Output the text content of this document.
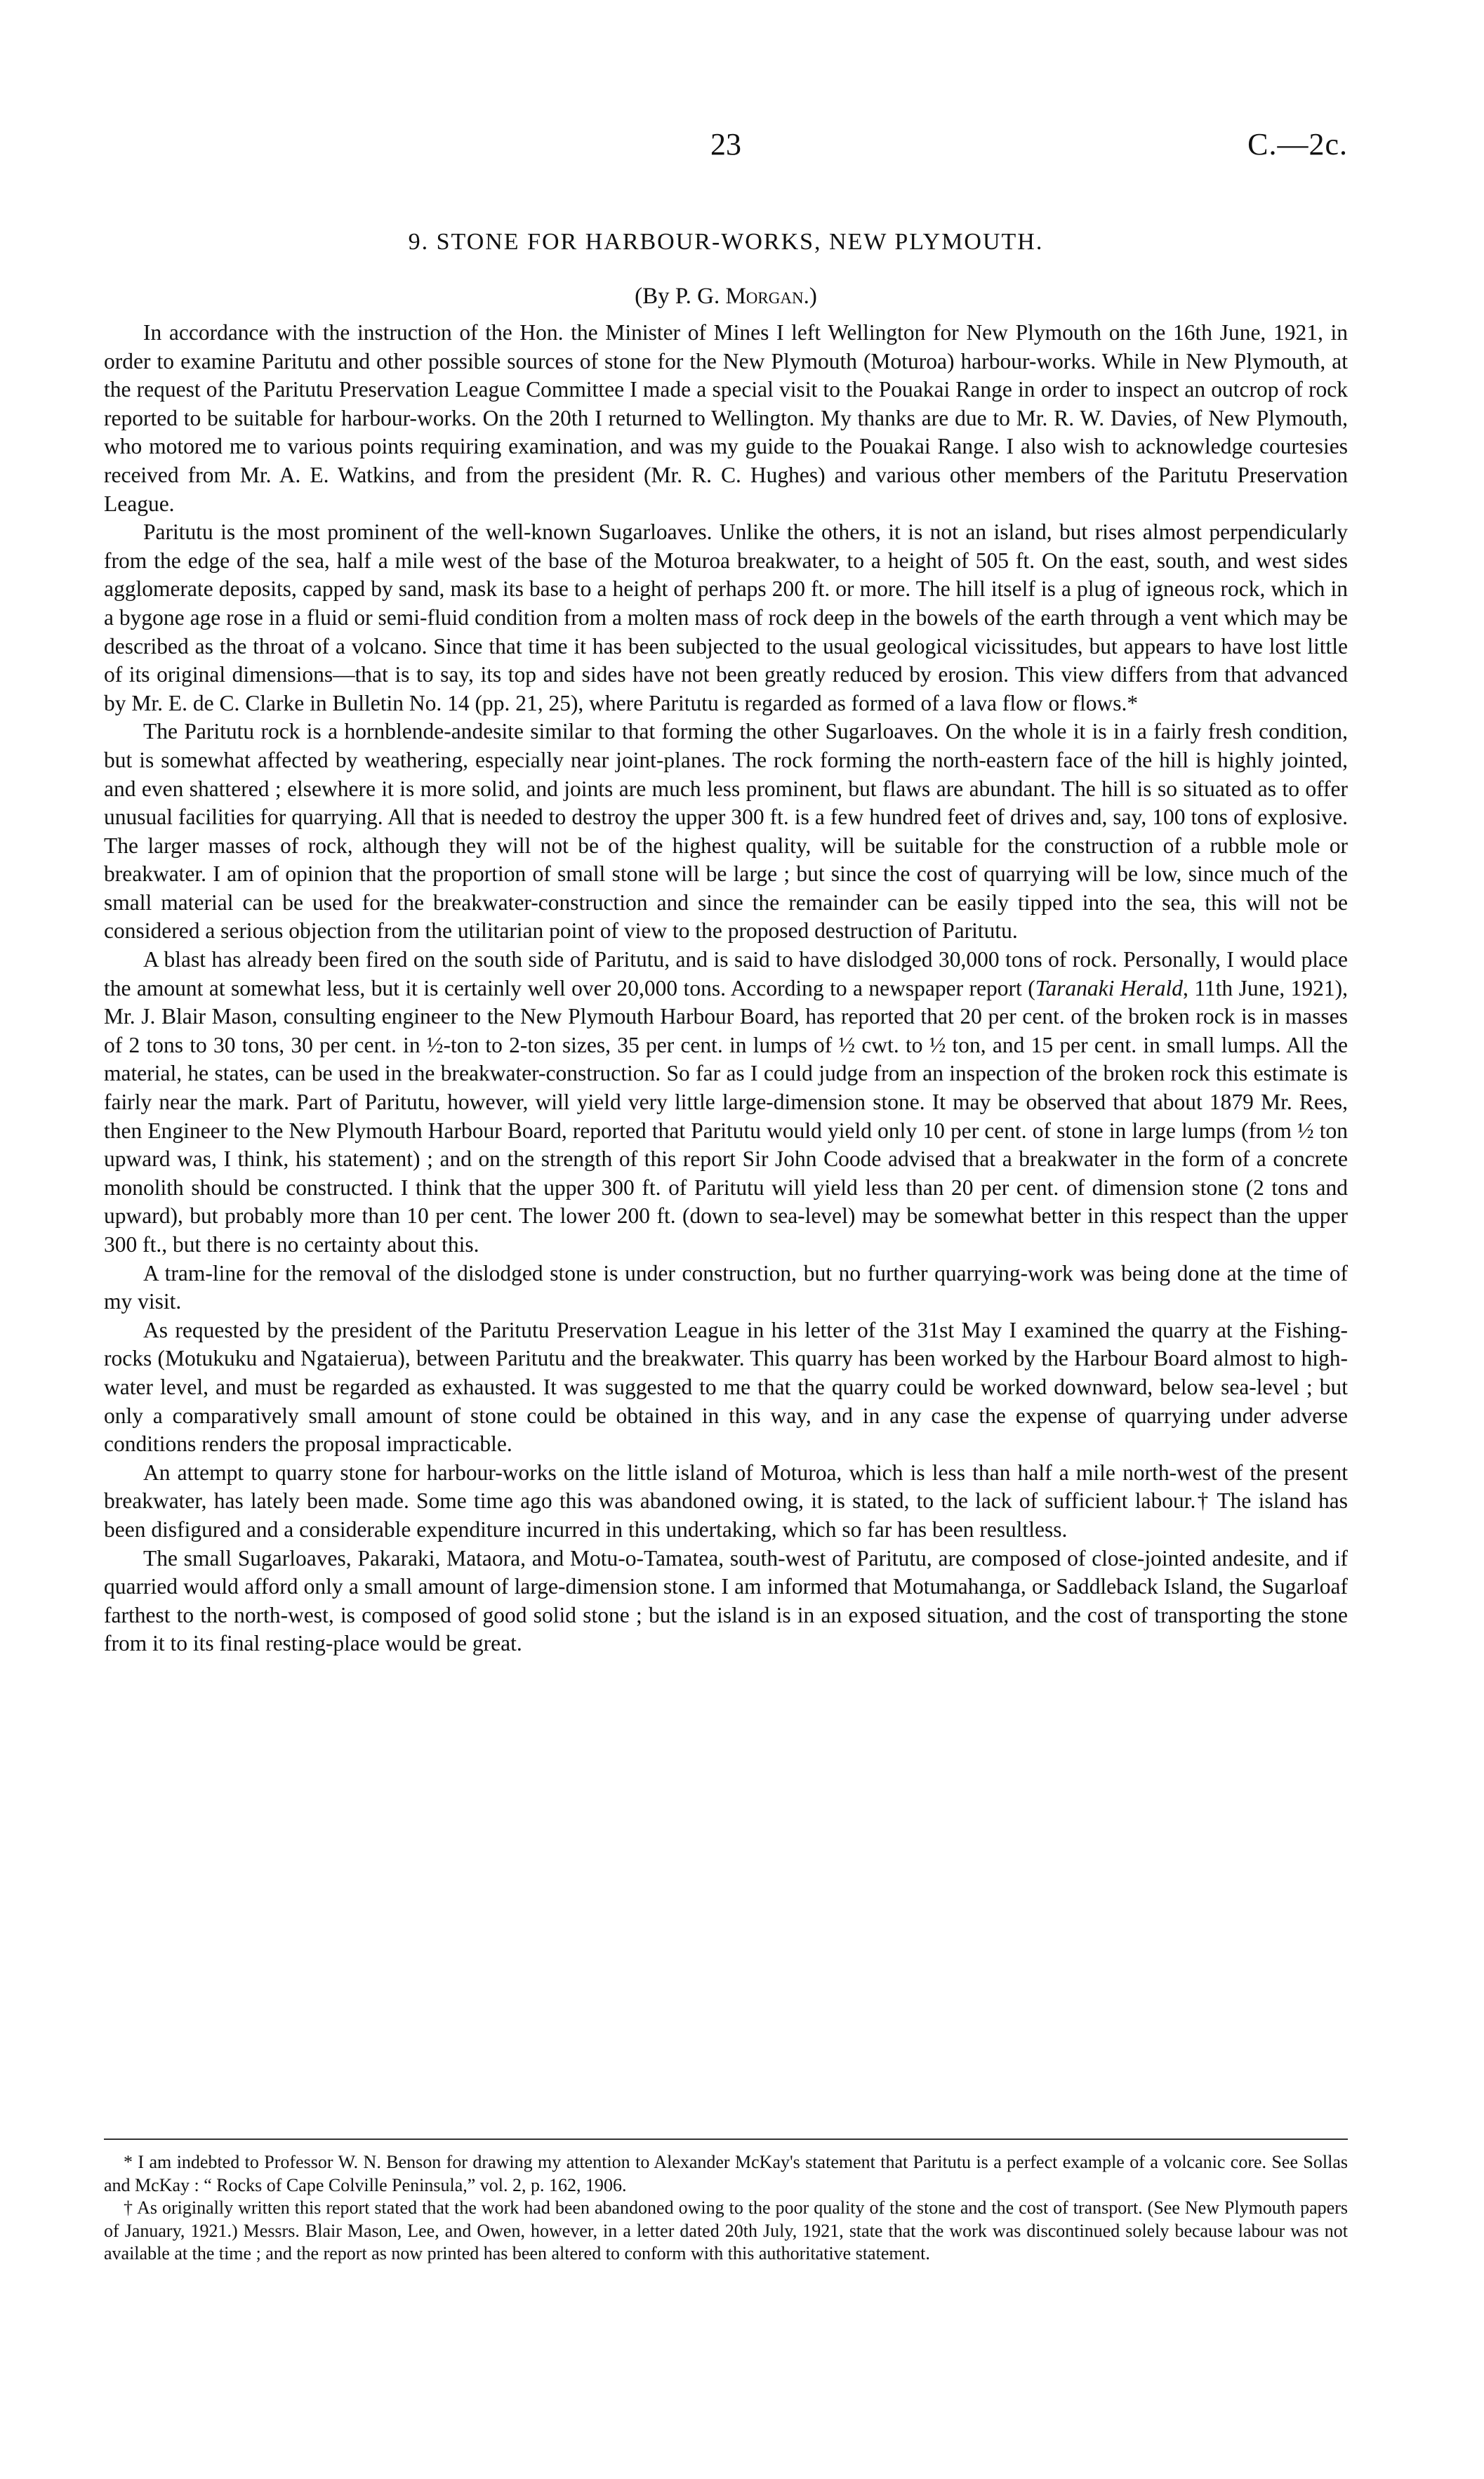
23	C.—2c.
9. STONE FOR HARBOUR-WORKS, NEW PLYMOUTH.
(By P. G. Morgan.)

In accordance with the instruction of the Hon. the Minister of Mines I left Wellington for New Plymouth on the 16th June, 1921, in order to examine Paritutu and other possible sources of stone for the New Plymouth (Moturoa) harbour-works. While in New Plymouth, at the request of the Paritutu Preservation League Committee I made a special visit to the Pouakai Range in order to inspect an outcrop of rock reported to be suitable for harbour-works. On the 20th I returned to Wellington. My thanks are due to Mr. R. W. Davies, of New Plymouth, who motored me to various points requiring examination, and was my guide to the Pouakai Range. I also wish to acknowledge courtesies received from Mr. A. E. Watkins, and from the president (Mr. R. C. Hughes) and various other members of the Paritutu Preservation League.

Paritutu is the most prominent of the well-known Sugarloaves. Unlike the others, it is not an island, but rises almost perpendicularly from the edge of the sea, half a mile west of the base of the Moturoa breakwater, to a height of 505 ft. On the east, south, and west sides agglomerate deposits, capped by sand, mask its base to a height of perhaps 200 ft. or more. The hill itself is a plug of igneous rock, which in a bygone age rose in a fluid or semi-fluid condition from a molten mass of rock deep in the bowels of the earth through a vent which may be described as the throat of a volcano. Since that time it has been subjected to the usual geological vicissitudes, but appears to have lost little of its original dimensions—that is to say, its top and sides have not been greatly reduced by erosion. This view differs from that advanced by Mr. E. de C. Clarke in Bulletin No. 14 (pp. 21, 25), where Paritutu is regarded as formed of a lava flow or flows.*

The Paritutu rock is a hornblende-andesite similar to that forming the other Sugarloaves. On the whole it is in a fairly fresh condition, but is somewhat affected by weathering, especially near joint-planes. The rock forming the north-eastern face of the hill is highly jointed, and even shattered ; elsewhere it is more solid, and joints are much less prominent, but flaws are abundant. The hill is so situated as to offer unusual facilities for quarrying. All that is needed to destroy the upper 300 ft. is a few hundred feet of drives and, say, 100 tons of explosive. The larger masses of rock, although they will not be of the highest quality, will be suitable for the construction of a rubble mole or breakwater. I am of opinion that the proportion of small stone will be large ; but since the cost of quarrying will be low, since much of the small material can be used for the breakwater-construction and since the remainder can be easily tipped into the sea, this will not be considered a serious objection from the utilitarian point of view to the proposed destruction of Paritutu.

A blast has already been fired on the south side of Paritutu, and is said to have dislodged 30,000 tons of rock. Personally, I would place the amount at somewhat less, but it is certainly well over 20,000 tons. According to a newspaper report (Taranaki Herald, 11th June, 1921), Mr. J. Blair Mason, consulting engineer to the New Plymouth Harbour Board, has reported that 20 per cent. of the broken rock is in masses of 2 tons to 30 tons, 30 per cent. in ½-ton to 2-ton sizes, 35 per cent. in lumps of ½ cwt. to ½ ton, and 15 per cent. in small lumps. All the material, he states, can be used in the breakwater-construction. So far as I could judge from an inspection of the broken rock this estimate is fairly near the mark. Part of Paritutu, however, will yield very little large-dimension stone. It may be observed that about 1879 Mr. Rees, then Engineer to the New Plymouth Harbour Board, reported that Paritutu would yield only 10 per cent. of stone in large lumps (from ½ ton upward was, I think, his statement) ; and on the strength of this report Sir John Coode advised that a breakwater in the form of a concrete monolith should be constructed. I think that the upper 300 ft. of Paritutu will yield less than 20 per cent. of dimension stone (2 tons and upward), but probably more than 10 per cent. The lower 200 ft. (down to sea-level) may be somewhat better in this respect than the upper 300 ft., but there is no certainty about this.

A tram-line for the removal of the dislodged stone is under construction, but no further quarrying-work was being done at the time of my visit.

As requested by the president of the Paritutu Preservation League in his letter of the 31st May I examined the quarry at the Fishing-rocks (Motukuku and Ngataierua), between Paritutu and the breakwater. This quarry has been worked by the Harbour Board almost to high-water level, and must be regarded as exhausted. It was suggested to me that the quarry could be worked downward, below sea-level ; but only a comparatively small amount of stone could be obtained in this way, and in any case the expense of quarrying under adverse conditions renders the proposal impracticable.

An attempt to quarry stone for harbour-works on the little island of Moturoa, which is less than half a mile north-west of the present breakwater, has lately been made. Some time ago this was abandoned owing, it is stated, to the lack of sufficient labour.† The island has been disfigured and a considerable expenditure incurred in this undertaking, which so far has been resultless.

The small Sugarloaves, Pakaraki, Mataora, and Motu-o-Tamatea, south-west of Paritutu, are composed of close-jointed andesite, and if quarried would afford only a small amount of large-dimension stone. I am informed that Motumahanga, or Saddleback Island, the Sugarloaf farthest to the north-west, is composed of good solid stone ; but the island is in an exposed situation, and the cost of transporting the stone from it to its final resting-place would be great.

* I am indebted to Professor W. N. Benson for drawing my attention to Alexander McKay's statement that Paritutu is a perfect example of a volcanic core. See Sollas and McKay : “ Rocks of Cape Colville Peninsula,” vol. 2, p. 162, 1906.

† As originally written this report stated that the work had been abandoned owing to the poor quality of the stone and the cost of transport. (See New Plymouth papers of January, 1921.) Messrs. Blair Mason, Lee, and Owen, however, in a letter dated 20th July, 1921, state that the work was discontinued solely because labour was not available at the time ; and the report as now printed has been altered to conform with this authoritative statement.
